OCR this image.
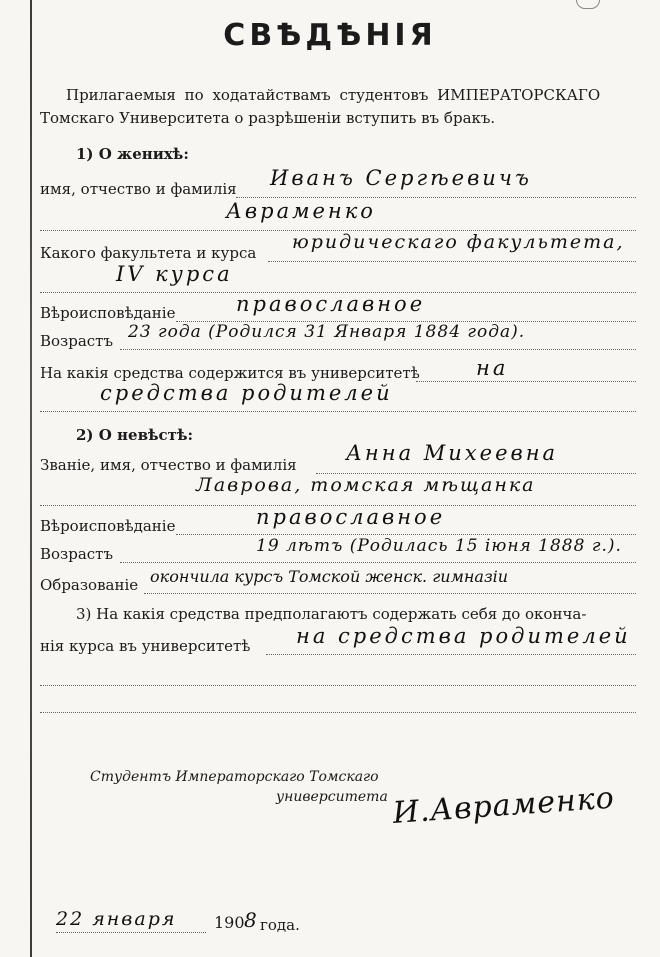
СВѢДѢНІЯ
Прилагаемыя по ходатайствамъ студентовъ ИМПЕРАТОРСКАГО
Томскаго Университета о разрѣшеніи вступить въ бракъ.
1) О женихѣ:
имя, отчество и фамилія Иванъ Сергѣевичъ
Авраменко
Какого факультета и курса юридическаго факультета,
IV курса
Вѣроисповѣданіе	православное
Возрастъ 23 года (Родился 31 Января 1884 года).
На какія средства содержится въ университетѣ	на
средства родителей
2) О невѣстѣ:
Званіе, имя, отчество и фамилія Анна Михеевна
Лаврова, томская мѣщанка
Вѣроисповѣданіе	православное
Возрастъ	19 лѣтъ (Родилась 15 іюня 1888 г.).
Образованіе окончила курсъ Томской женск. гимназіи
3) На какія средства предполагаютъ содержать себя до оконча-
нія курса въ университетѣ на средства родителей
Студентъ Императорскаго Томскаго
университета И.Авраменко
22 января 190 8 года.
